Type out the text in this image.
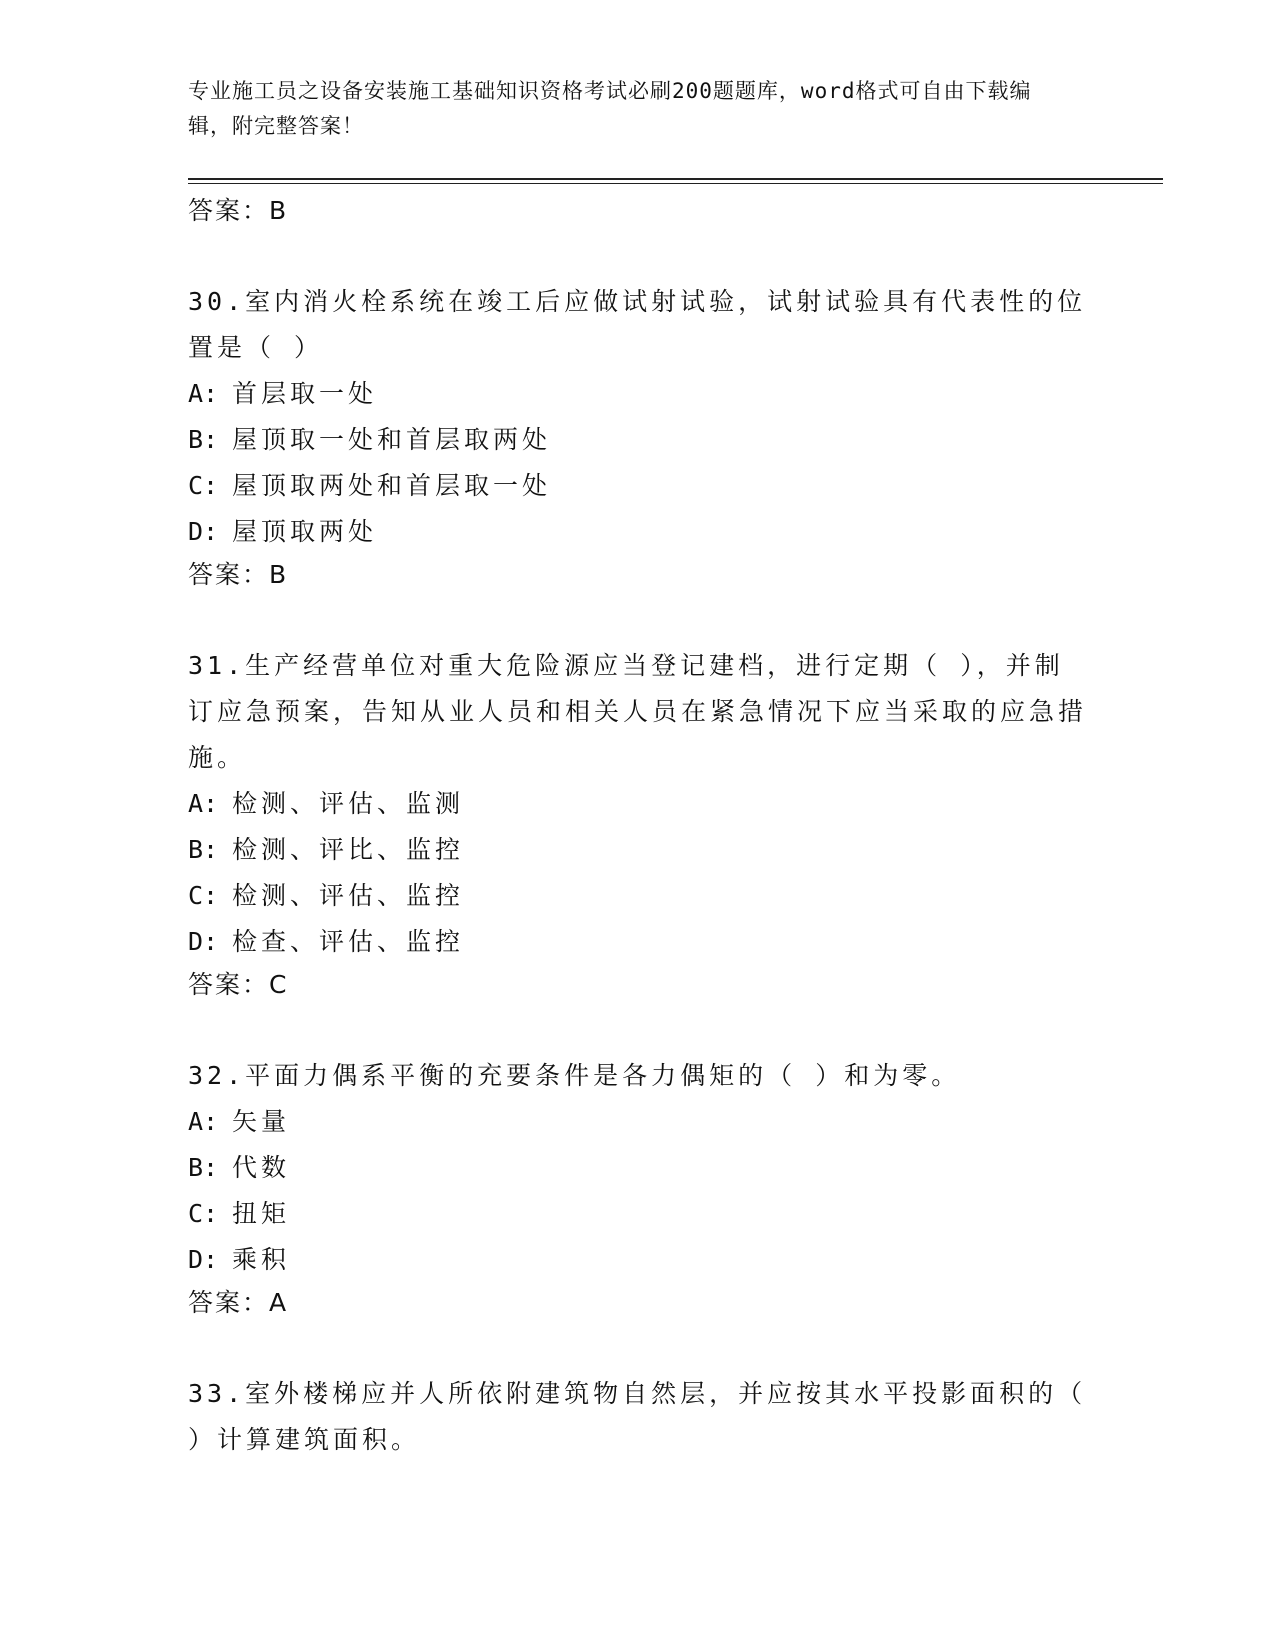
专业施工员之设备安装施工基础知识资格考试必刷200题题库，word格式可自由下载编辑，附完整答案！
答案：B
30.室内消火栓系统在竣工后应做试射试验，试射试验具有代表性的位置是（ ）
A: 首层取一处
B: 屋顶取一处和首层取两处
C: 屋顶取两处和首层取一处
D: 屋顶取两处
答案：B
31.生产经营单位对重大危险源应当登记建档，进行定期（ ），并制订应急预案，告知从业人员和相关人员在紧急情况下应当采取的应急措施。
A: 检测、评估、监测
B: 检测、评比、监控
C: 检测、评估、监控
D: 检查、评估、监控
答案：C
32.平面力偶系平衡的充要条件是各力偶矩的（ ）和为零。
A: 矢量
B: 代数
C: 扭矩
D: 乘积
答案：A
33.室外楼梯应并人所依附建筑物自然层，并应按其水平投影面积的（ ）计算建筑面积。
